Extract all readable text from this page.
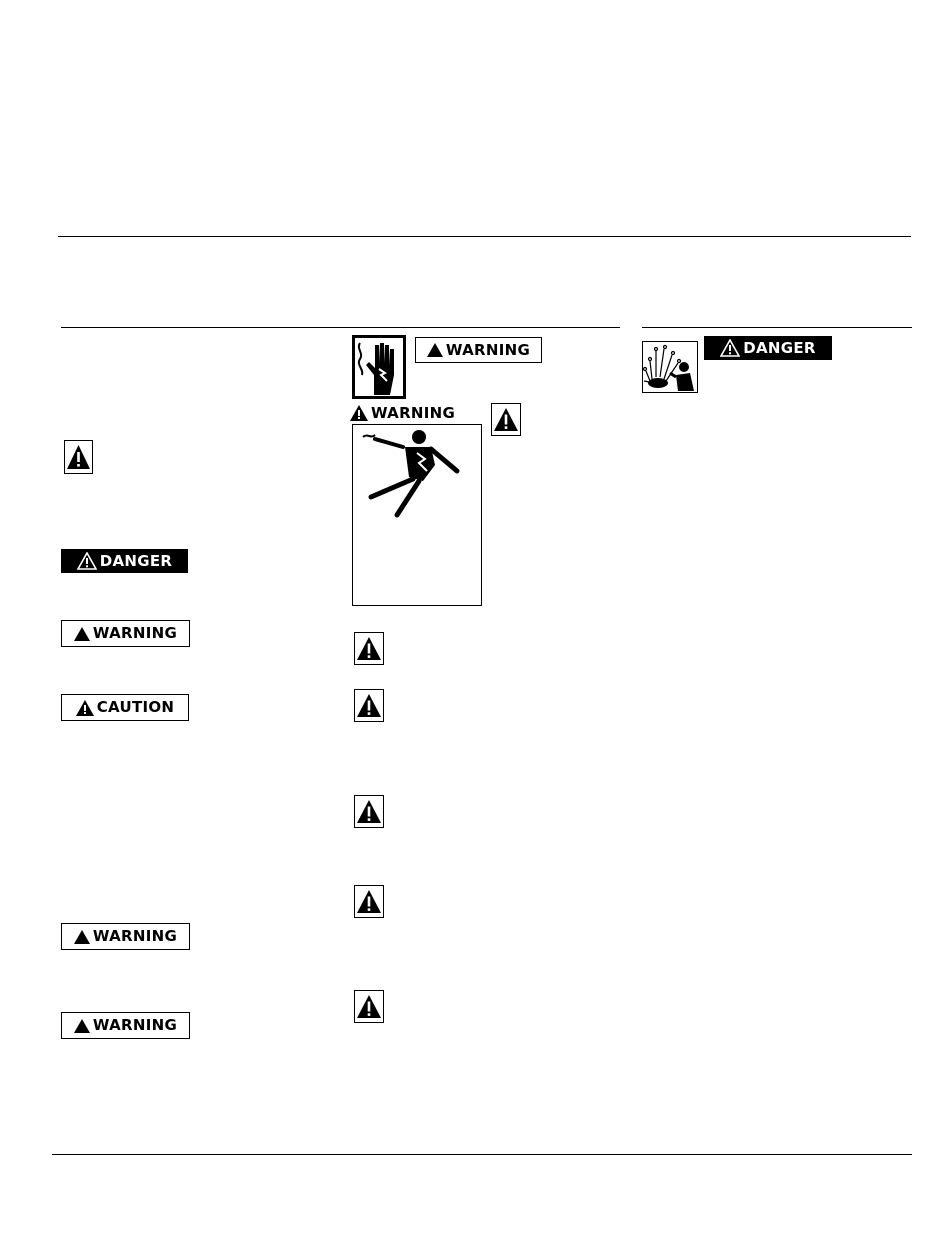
DANGER
WARNING
CAUTION
WARNING
WARNING
WARNING
WARNING
DANGER
